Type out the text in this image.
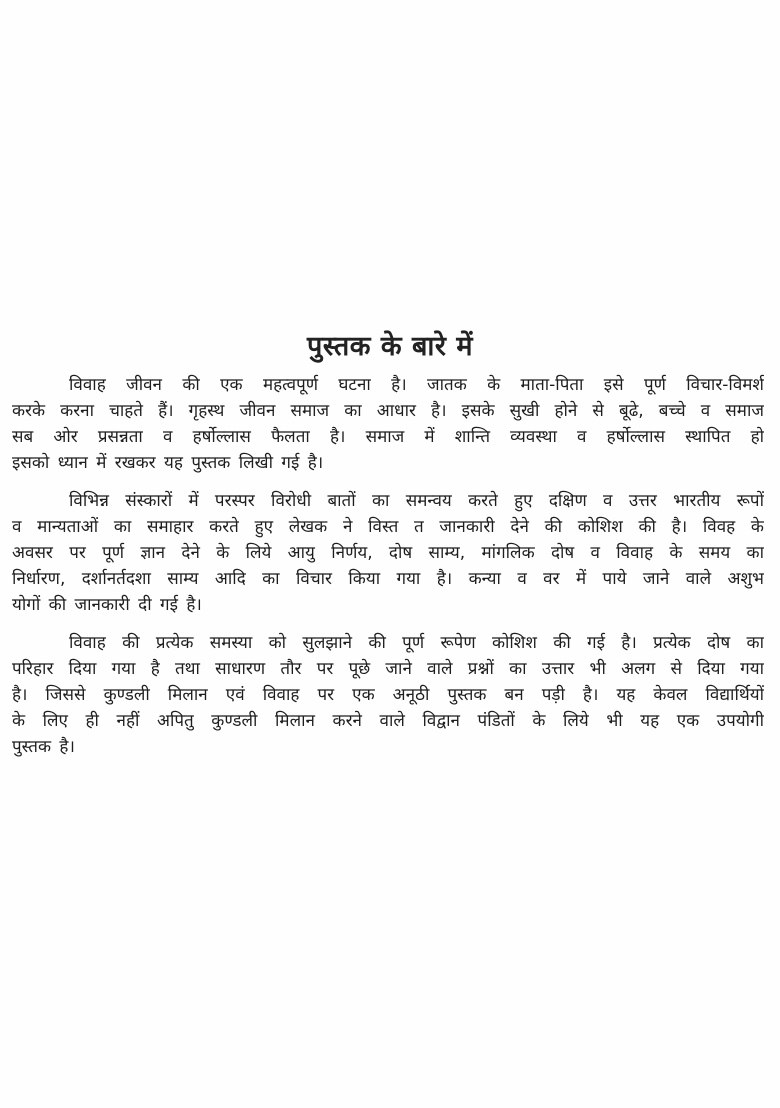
पुस्तक के बारे में

विवाह जीवन की एक महत्वपूर्ण घटना है। जातक के माता-पिता इसे पूर्ण विचार-विमर्श
करके करना चाहते हैं। गृहस्थ जीवन समाज का आधार है। इसके सुखी होने से बूढे, बच्चे व समाज
सब ओर प्रसन्नता व हर्षोल्लास फैलता है। समाज में शान्ति व्यवस्था व हर्षोल्लास स्थापित हो
इसको ध्यान में रखकर यह पुस्तक लिखी गई है।

विभिन्न संस्कारों में परस्पर विरोधी बातों का समन्वय करते हुए दक्षिण व उत्तर भारतीय रूपों
व मान्यताओं का समाहार करते हुए लेखक ने विस्त त जानकारी देने की कोशिश की है। विवह के
अवसर पर पूर्ण ज्ञान देने के लिये आयु निर्णय, दोष साम्य, मांगलिक दोष व विवाह के समय का
निर्धारण, दर्शानर्तदशा साम्य आदि का विचार किया गया है। कन्या व वर में पाये जाने वाले अशुभ
योगों की जानकारी दी गई है।

विवाह की प्रत्येक समस्या को सुलझाने की पूर्ण रूपेण कोशिश की गई है। प्रत्येक दोष का
परिहार दिया गया है तथा साधारण तौर पर पूछे जाने वाले प्रश्नों का उत्तार भी अलग से दिया गया
है। जिससे कुण्डली मिलान एवं विवाह पर एक अनूठी पुस्तक बन पड़ी है। यह केवल विद्यार्थियों
के लिए ही नहीं अपितु कुण्डली मिलान करने वाले विद्वान पंडितों के लिये भी यह एक उपयोगी
पुस्तक है।
